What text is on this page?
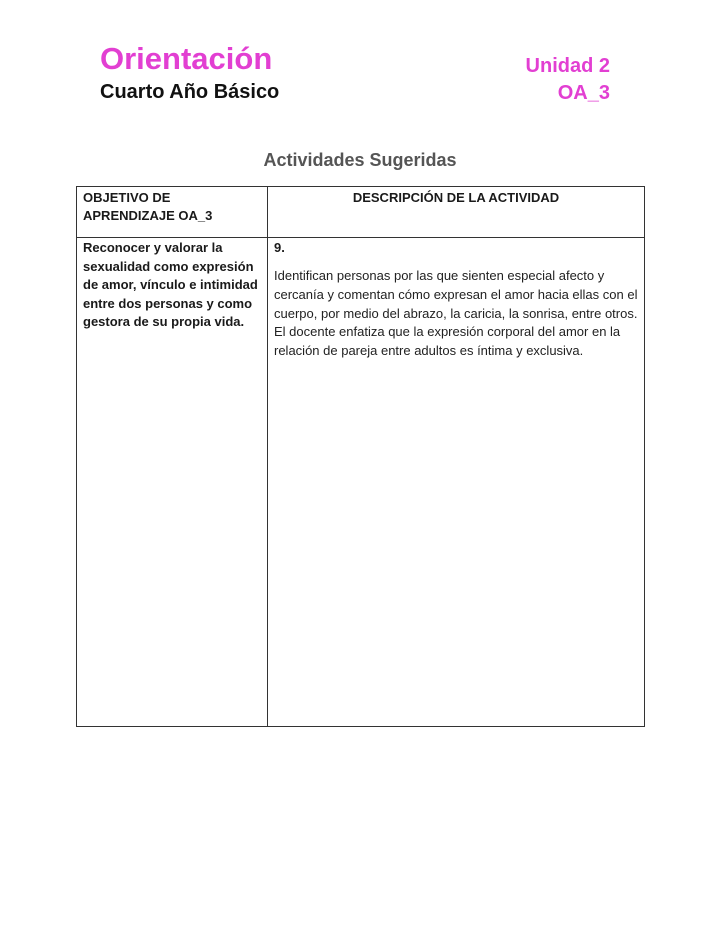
Orientación
Cuarto Año Básico
Unidad 2
OA_3
Actividades Sugeridas
OBJETIVO DE APRENDIZAJE OA_3	DESCRIPCIÓN DE LA ACTIVIDAD
Reconocer y valorar la sexualidad como expresión de amor, vínculo e intimidad entre dos personas y como gestora de su propia vida.	9.
Identifican personas por las que sienten especial afecto y cercanía y comentan cómo expresan el amor hacia ellas con el cuerpo, por medio del abrazo, la caricia, la sonrisa, entre otros. El docente enfatiza que la expresión corporal del amor en la relación de pareja entre adultos es íntima y exclusiva.
